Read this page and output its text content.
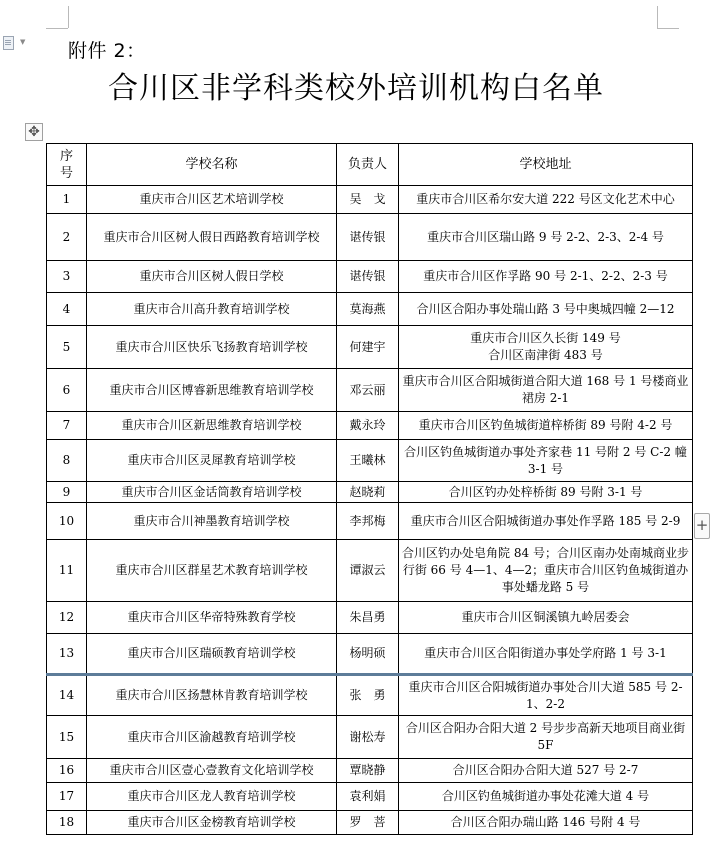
▼ 附件 2：
合川区非学科类校外培训机构白名单
✥
+
序
号	学校名称	负责人	学校地址
1	重庆市合川区艺术培训学校	吴　戈	重庆市合川区希尔安大道 222 号区文化艺术中心
2	重庆市合川区树人假日西路教育培训学校	谌传银	重庆市合川区瑞山路 9 号 2-2、2-3、2-4 号
3	重庆市合川区树人假日学校	谌传银	重庆市合川区作孚路 90 号 2-1、2-2、2-3 号
4	重庆市合川高升教育培训学校	莫海燕	合川区合阳办事处瑞山路 3 号中奥城四幢 2—12
5	重庆市合川区快乐飞扬教育培训学校	何建宇	重庆市合川区久长街 149 号
合川区南津街 483 号
6	重庆市合川区博睿新思维教育培训学校	邓云丽	重庆市合川区合阳城街道合阳大道 168 号 1 号楼商业裙房 2-1
7	重庆市合川区新思维教育培训学校	戴永玲	重庆市合川区钓鱼城街道梓桥街 89 号附 4-2 号
8	重庆市合川区灵犀教育培训学校	王曦林	合川区钓鱼城街道办事处齐家巷 11 号附 2 号 C-2 幢 3-1 号
9	重庆市合川区金话筒教育培训学校	赵晓莉	合川区钓办处梓桥街 89 号附 3-1 号
10	重庆市合川神墨教育培训学校	李邦梅	重庆市合川区合阳城街道办事处作孚路 185 号 2-9
11	重庆市合川区群星艺术教育培训学校	谭淑云	合川区钓办处皂角院 84 号；合川区南办处南城商业步行街 66 号 4—1、4—2；重庆市合川区钓鱼城街道办事处蟠龙路 5 号
12	重庆市合川区华帝特殊教育学校	朱昌勇	重庆市合川区铜溪镇九岭居委会
13	重庆市合川区瑞硕教育培训学校	杨明硕	重庆市合川区合阳街道办事处学府路 1 号 3-1
14	重庆市合川区扬慧林肯教育培训学校	张　勇	重庆市合川区合阳城街道办事处合川大道 585 号 2-1、2-2
15	重庆市合川区渝越教育培训学校	谢松寿	合川区合阳办合阳大道 2 号步步高新天地项目商业街 5F
16	重庆市合川区壹心壹教育文化培训学校	覃晓静	合川区合阳办合阳大道 527 号 2-7
17	重庆市合川区龙人教育培训学校	袁利娟	合川区钓鱼城街道办事处花滩大道 4 号
18	重庆市合川区金榜教育培训学校	罗　菩	合川区合阳办瑞山路 146 号附 4 号
